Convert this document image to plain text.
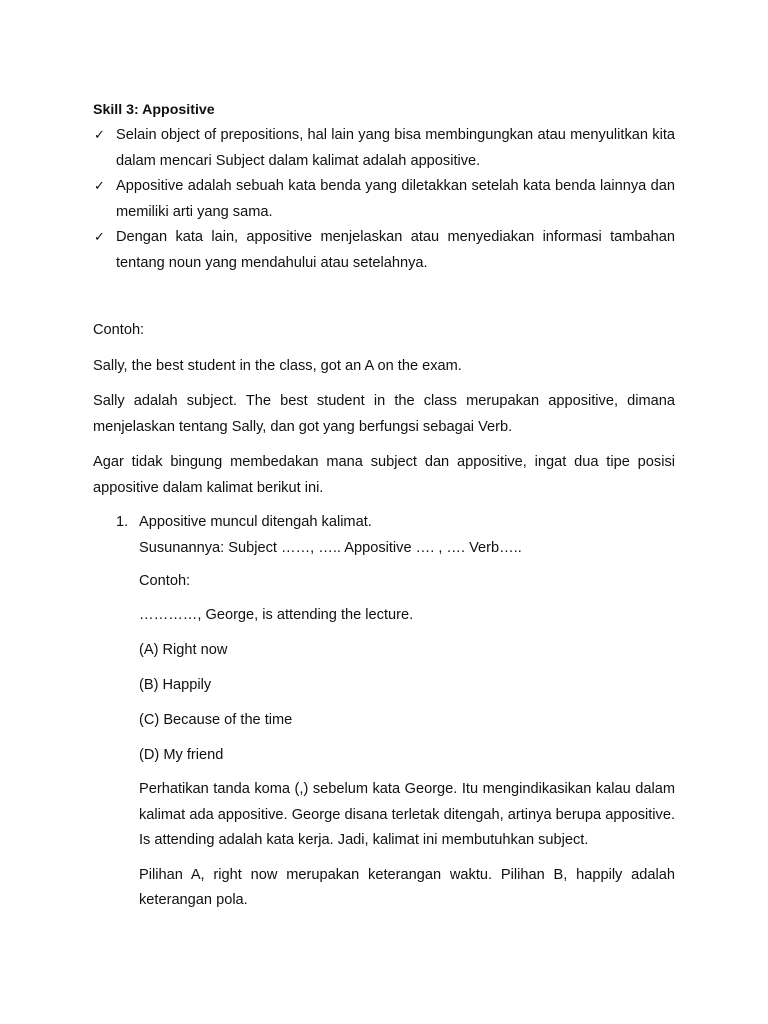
Skill 3: Appositive
✓ Selain object of prepositions, hal lain yang bisa membingungkan atau menyulitkan kita dalam mencari Subject dalam kalimat adalah appositive.
✓ Appositive adalah sebuah kata benda yang diletakkan setelah kata benda lainnya dan memiliki arti yang sama.
✓ Dengan kata lain, appositive menjelaskan atau menyediakan informasi tambahan tentang noun yang mendahului atau setelahnya.

Contoh:

Sally, the best student in the class, got an A on the exam.

Sally adalah subject. The best student in the class merupakan appositive, dimana menjelaskan tentang Sally, dan got yang berfungsi sebagai Verb.

Agar tidak bingung membedakan mana subject dan appositive, ingat dua tipe posisi appositive dalam kalimat berikut ini.

1. Appositive muncul ditengah kalimat.

Susunannya: Subject ……, ….. Appositive …. , …. Verb…..

Contoh:

…………, George, is attending the lecture.

(A) Right now

(B) Happily

(C) Because of the time

(D) My friend

Perhatikan tanda koma (,) sebelum kata George. Itu mengindikasikan kalau dalam kalimat ada appositive. George disana terletak ditengah, artinya berupa appositive. Is attending adalah kata kerja. Jadi, kalimat ini membutuhkan subject.

Pilihan A, right now merupakan keterangan waktu. Pilihan B, happily adalah keterangan pola.
